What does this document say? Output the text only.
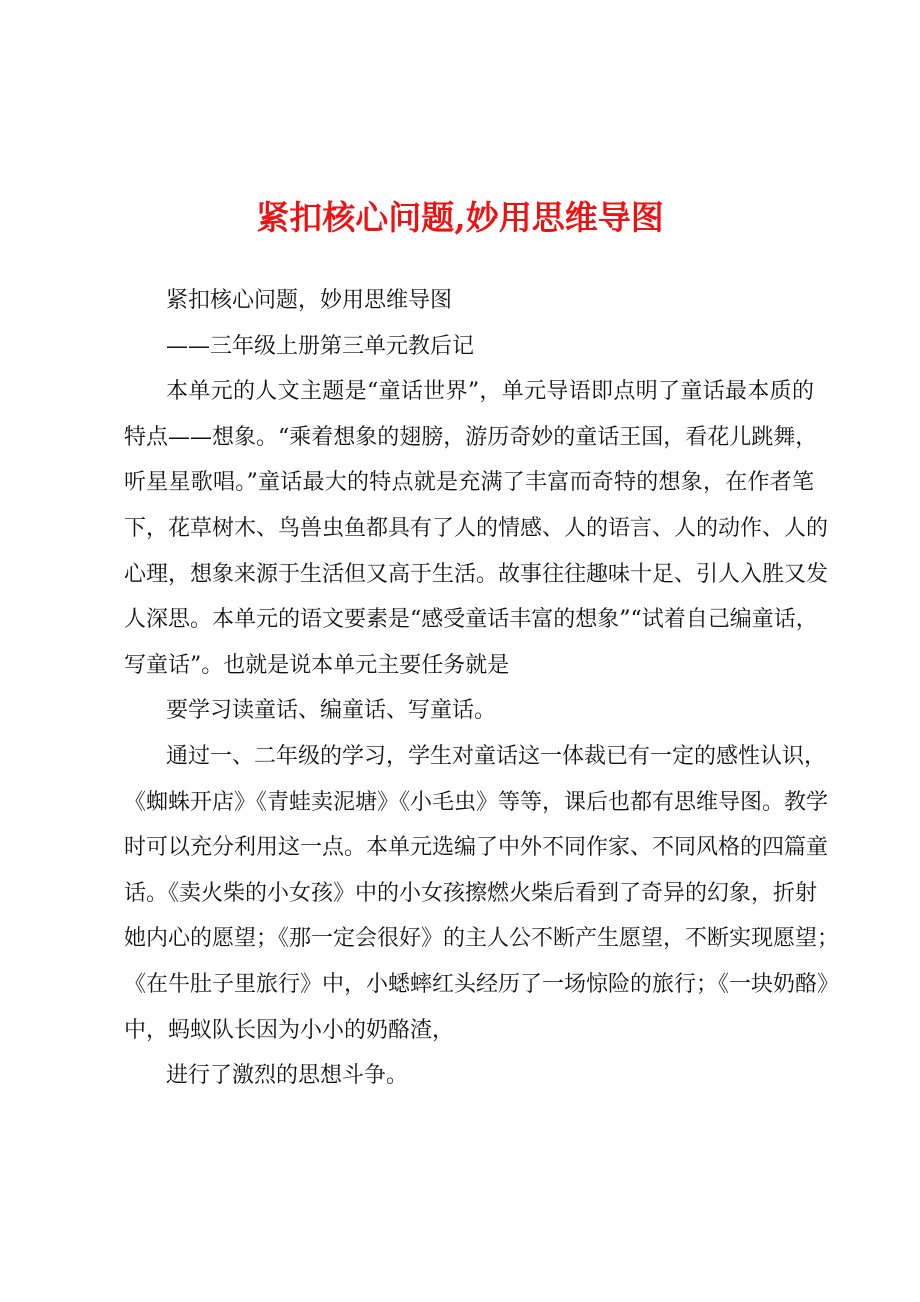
紧扣核心问题,妙用思维导图
紧扣核心问题，妙用思维导图
——三年级上册第三单元教后记
本单元的人文主题是“童话世界”，单元导语即点明了童话最本质的
特点——想象。“乘着想象的翅膀，游历奇妙的童话王国，看花儿跳舞，
听星星歌唱。”童话最大的特点就是充满了丰富而奇特的想象，在作者笔
下，花草树木、鸟兽虫鱼都具有了人的情感、人的语言、人的动作、人的
心理，想象来源于生活但又高于生活。故事往往趣味十足、引人入胜又发
人深思。本单元的语文要素是“感受童话丰富的想象”“试着自己编童话，
写童话”。也就是说本单元主要任务就是
要学习读童话、编童话、写童话。
通过一、二年级的学习，学生对童话这一体裁已有一定的感性认识，
《蜘蛛开店》《青蛙卖泥塘》《小毛虫》等等，课后也都有思维导图。教学
时可以充分利用这一点。本单元选编了中外不同作家、不同风格的四篇童
话。《卖火柴的小女孩》中的小女孩擦燃火柴后看到了奇异的幻象，折射
她内心的愿望；《那一定会很好》的主人公不断产生愿望，不断实现愿望；
《在牛肚子里旅行》中，小蟋蟀红头经历了一场惊险的旅行；《一块奶酪》
中，蚂蚁队长因为小小的奶酪渣，
进行了激烈的思想斗争。
